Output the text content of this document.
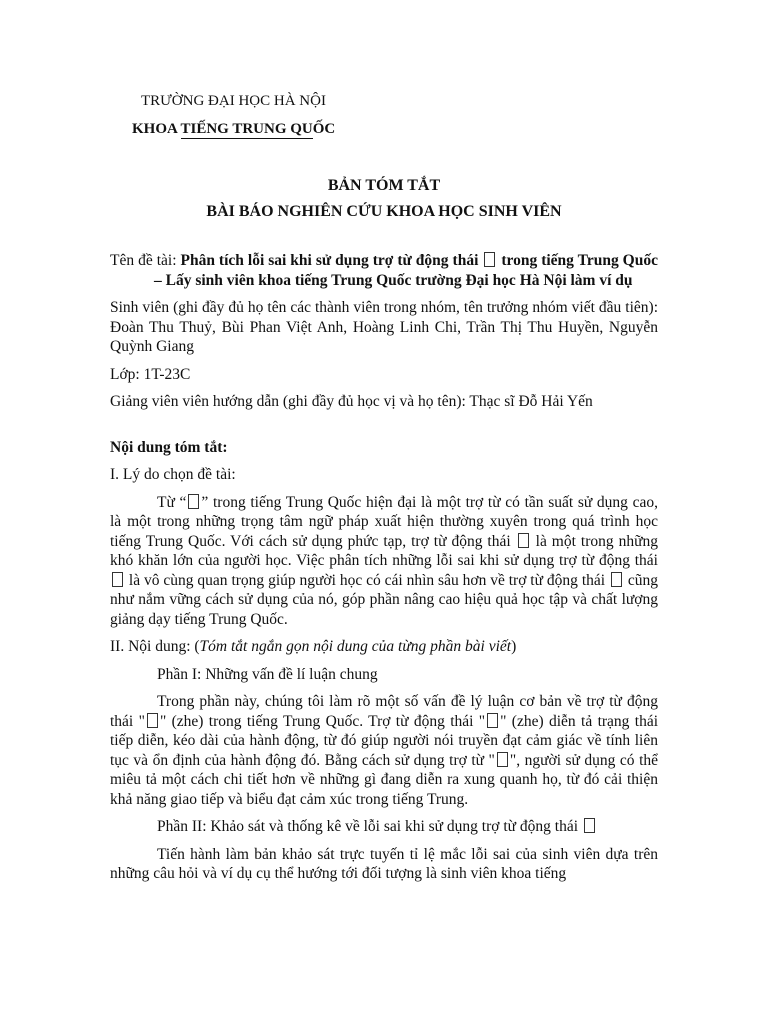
TRƯỜNG ĐẠI HỌC HÀ NỘI

KHOA TIẾNG TRUNG QUỐC

BẢN TÓM TẮT

BÀI BÁO NGHIÊN CỨU KHOA HỌC SINH VIÊN

Tên đề tài: Phân tích lỗi sai khi sử dụng trợ từ động thái  trong tiếng Trung Quốc – Lấy sinh viên khoa tiếng Trung Quốc trường Đại học Hà Nội làm ví dụ

Sinh viên (ghi đầy đủ họ tên các thành viên trong nhóm, tên trưởng nhóm viết đầu tiên): Đoàn Thu Thuỷ, Bùi Phan Việt Anh, Hoàng Linh Chi, Trần Thị Thu Huyền, Nguyễn Quỳnh Giang

Lớp: 1T-23C

Giảng viên viên hướng dẫn (ghi đầy đủ học vị và họ tên): Thạc sĩ Đỗ Hải Yến

Nội dung tóm tắt:

I. Lý do chọn đề tài:

Từ “ ” trong tiếng Trung Quốc hiện đại là một trợ từ có tần suất sử dụng cao, là một trong những trọng tâm ngữ pháp xuất hiện thường xuyên trong quá trình học tiếng Trung Quốc. Với cách sử dụng phức tạp, trợ từ động thái  là một trong những khó khăn lớn của người học. Việc phân tích những lỗi sai khi sử dụng trợ từ động thái  là vô cùng quan trọng giúp người học có cái nhìn sâu hơn về trợ từ động thái  cũng như nắm vững cách sử dụng của nó, góp phần nâng cao hiệu quả học tập và chất lượng giảng dạy tiếng Trung Quốc.

II. Nội dung: (Tóm tắt ngắn gọn nội dung của từng phần bài viết)

Phần I: Những vấn đề lí luận chung

Trong phần này, chúng tôi làm rõ một số vấn đề lý luận cơ bản về trợ từ động thái " " (zhe) trong tiếng Trung Quốc. Trợ từ động thái " " (zhe) diễn tả trạng thái tiếp diễn, kéo dài của hành động, từ đó giúp người nói truyền đạt cảm giác về tính liên tục và ổn định của hành động đó. Bằng cách sử dụng trợ từ " ", người sử dụng có thể miêu tả một cách chi tiết hơn về những gì đang diễn ra xung quanh họ, từ đó cải thiện khả năng giao tiếp và biểu đạt cảm xúc trong tiếng Trung.

Phần II: Khảo sát và thống kê về lỗi sai khi sử dụng trợ từ động thái

Tiến hành làm bản khảo sát trực tuyến tỉ lệ mắc lỗi sai của sinh viên dựa trên những câu hỏi và ví dụ cụ thể hướng tới đối tượng là sinh viên khoa tiếng
